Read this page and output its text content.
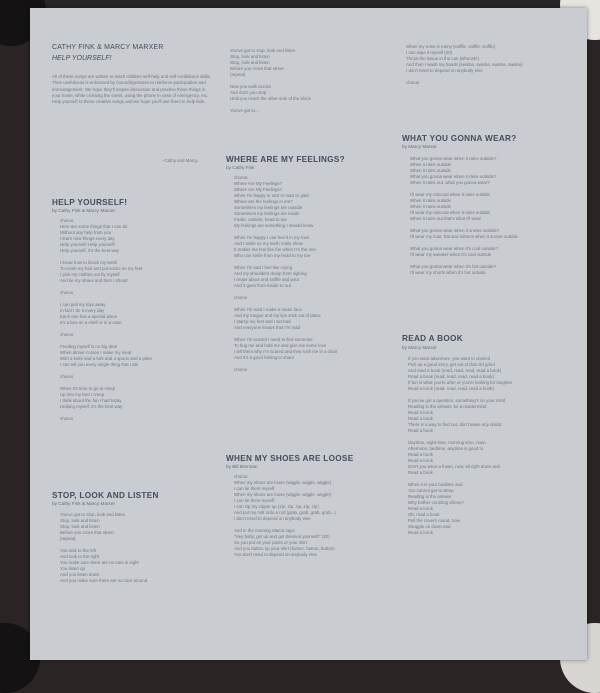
CATHY FINK & MARCY MARXER
HELP YOURSELF!
All of these songs are written to teach children self-help and self-confidence skills. Their usefulness is enhanced by (sound)/gestures to reinforce participation and encouragement. We hope they'll inspire discussion and practice those things in your home, while crossing the street, using the phone in case of emergency, etc. Help yourself to these creative songs and we hope you'll use them to help kids.
–Cathy and Marcy
HELP YOURSELF!
by Cathy Fink & Marcy Marxer
chorus:
Here are some things that I can do
Without any help from you
I learn new things every day
Help yourself! Help yourself!
Help yourself, it's the best way

I know how to brush my teeth
To comb my hair and put socks on my feet
I pick my clothes out by myself
And tie my shoes and then I shout!

chorus

I can pull my toys away
In fact I do it every day
Each one has a special place
It's a box on a shelf or in a case

chorus

Feeding myself is no big deal
When dinner comes I make my meal
With a knife and a fork and a spoon and a plate
I can tell you every single thing that I ate

chorus

When it's time to go to sleep
Up into my bed I creep
I think about the fun I had today
Helping myself, it's the best way

chorus
STOP, LOOK AND LISTEN
by Cathy Fink & Marcy Marxer
You've got to stop, look and listen
Stop, look and listen
Stop, look and listen
Before you cross that street
(repeat)

You look to the left
And look to the right
You make sure there are no cars in sight
You listen up
And you listen down
And you make sure there are no cars around
You've got to stop, look and listen
Stop, look and listen
Stop, look and listen
Before you cross that street
(repeat)

Now you walk across
And don't you stop
Until you reach the other side of the block

You've got to...
WHERE ARE MY FEELINGS?
by Cathy Fink
chorus:
Where Are My Feelings?
Where Are My Feelings?
When I'm happy or sad or mad or glad
Where are the feelings in me?
Sometimes my feelings are outside
Sometimes my feelings are inside
Inside, outside, head to toe
My feelings are something I should know

When I'm happy I can feel it in my toes
And I smile so my teeth really show
It makes me feel like fun when I'm the one
Who can smile from my head to my toe

When I'm sad I feel like crying
And my shoulders droop from sighing
I mope about and sniffle and pout
And it goes from inside to out

chorus

When I'm mad I make a mean face
And my tongue and my lips stick out of place
I stamp my feet and I act bad
And everyone knows that I'm mad

When I'm scared I need to find someone
To hug me and hold me and give me some love
I tell them why I'm scared and they rock me in a chair
And it's a good feeling to share

chorus
WHEN MY SHOES ARE LOOSE
by Bill Brennan
chorus:
When my shoes are loose (wiggle, wiggle, wiggle)
I can tie them myself
When my shoes are loose (wiggle, wiggle, wiggle)
I can tie them myself
I can zip my zipper up (zip, zip, zip, zip, zip)
And put my mitt onto a rod (grab, grab, grab, grab...)
I don't need to depend on anybody else

And in the morning Mama says
"Hey baby, get up and get dressed yourself!" (20)
So you put on your pants or your skirt
And you button up your shirt (button, button, button)
You don't need to depend on anybody else
When my nose is runny (sniffle, sniffle, sniffle)
I can wipe it myself (20)
Throw the tissue in the can (whoosh!)
And then I wash my hands (swisha, swisha, swisha, swisha)
I don't need to depend on anybody else

chorus
WHAT YOU GONNA WEAR?
by Marcy Marxer
What you gonna wear when it rains outside?
When it rains outside
When it rains outside
What you gonna wear when it rains outside?
When it rains out, what you gonna wear?

I'll wear my raincoat when it rains outside
When it rains outside
When it rains outside
I'll wear my raincoat when it rains outside
When it rains out that's what I'll wear

What you gonna wear when it snows outside?
I'll wear my coat, hat and mittens when it snows outside

What you gonna wear when it's cool outside?
I'll wear my sweater when it's cool outside

What you gonna wear when it's hot outside?
I'll wear my shorts when it's hot outside
READ A BOOK
by Marcy Marxer
If you want adventure, you want to unwind
Pick up a good story, get out of that old grind
And read a book (read, read, read, read a book)
Read a book (read, read, read, read a book)
If fun is what you're after or you're looking for laughter
Read a book (read, read, read, read a book)

If you've got a question, something's on your mind
Reading is the answer, be a mastermind
Read a book
Read a book
There is a way to find out, don't leave any doubt
Read a book

Daytime, night-time, morning time, noon
Afternoon, bedtime, anytime is good to
Read a book
Read a book
Don't you wear a frown, now, sit right down and
Read a book

When it is your bedtime and
You cannot get to sleep
Reading is the answer
Why bother counting sheep?
Read a book
Oh, read a book
Pull the covers round, now
Snuggle on down and
Read a book
